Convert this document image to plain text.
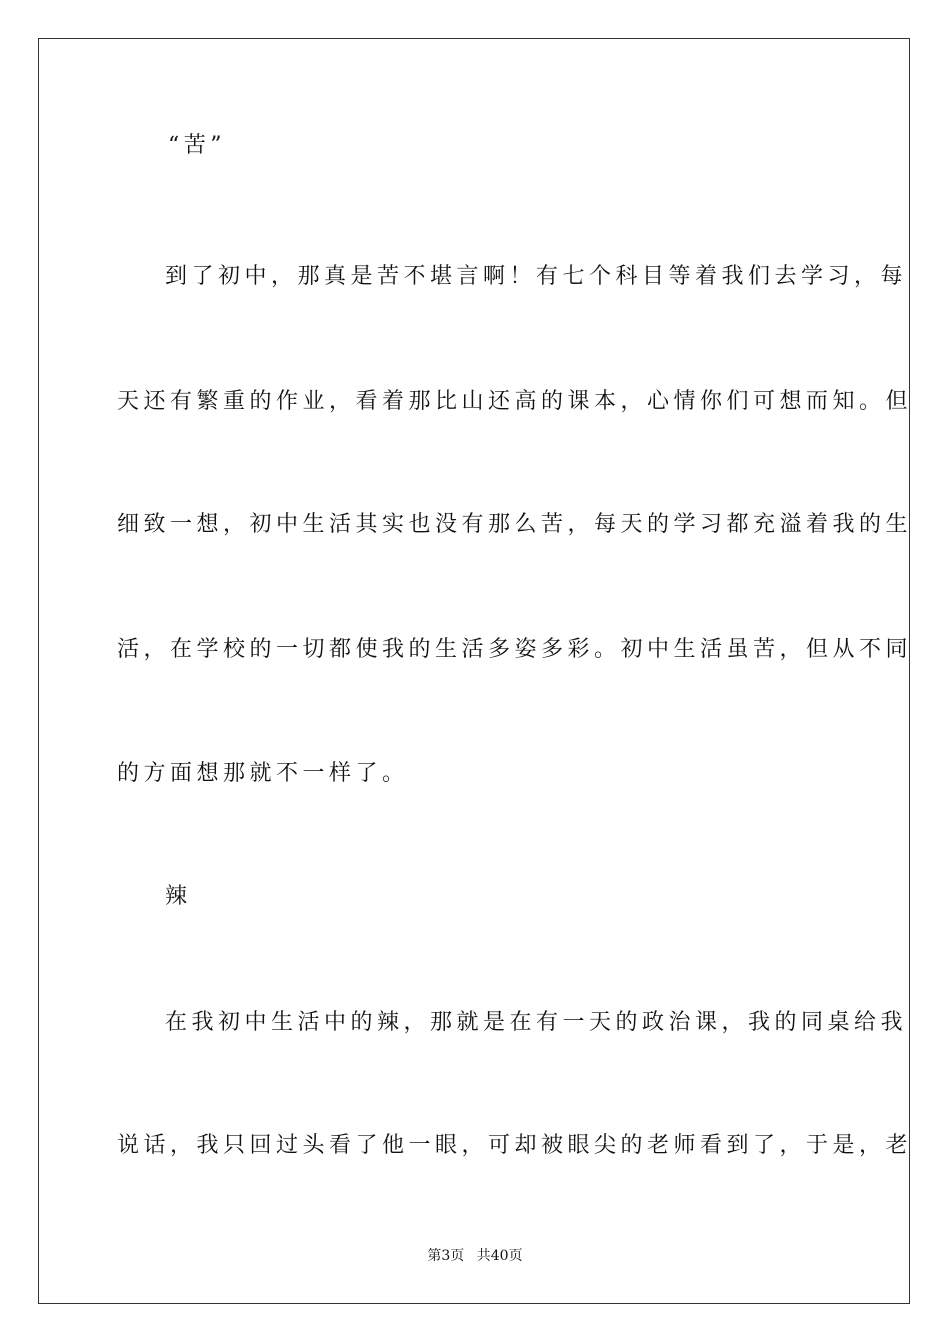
“苦”
到了初中，那真是苦不堪言啊！有七个科目等着我们去学习，每
天还有繁重的作业，看着那比山还高的课本，心情你们可想而知。但
细致一想，初中生活其实也没有那么苦，每天的学习都充溢着我的生
活，在学校的一切都使我的生活多姿多彩。初中生活虽苦，但从不同
的方面想那就不一样了。
辣
在我初中生活中的辣，那就是在有一天的政治课，我的同桌给我
说话，我只回过头看了他一眼，可却被眼尖的老师看到了，于是，老
第3页 共40页
